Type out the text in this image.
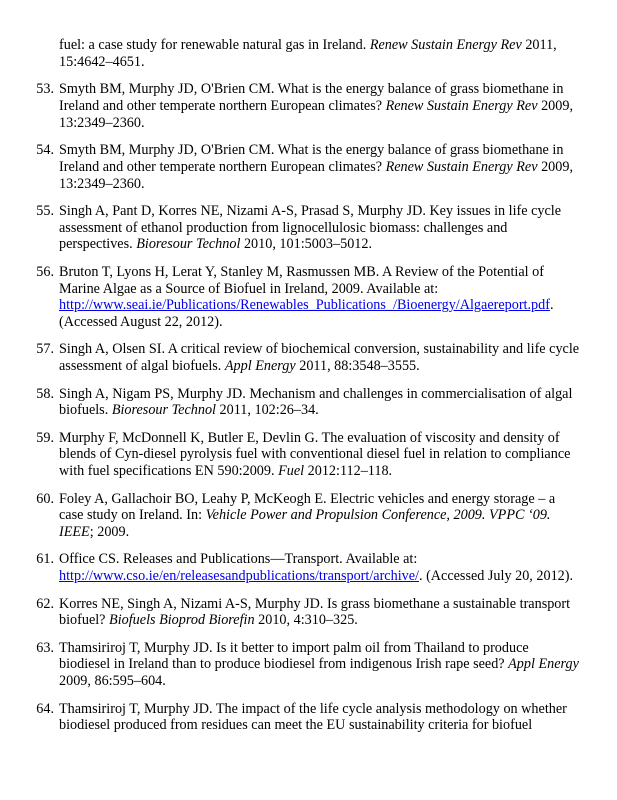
fuel: a case study for renewable natural gas in Ireland. Renew Sustain Energy Rev 2011, 15:4642–4651.
53. Smyth BM, Murphy JD, O'Brien CM. What is the energy balance of grass biomethane in Ireland and other temperate northern European climates? Renew Sustain Energy Rev 2009, 13:2349–2360.
54. Smyth BM, Murphy JD, O'Brien CM. What is the energy balance of grass biomethane in Ireland and other temperate northern European climates? Renew Sustain Energy Rev 2009, 13:2349–2360.
55. Singh A, Pant D, Korres NE, Nizami A-S, Prasad S, Murphy JD. Key issues in life cycle assessment of ethanol production from lignocellulosic biomass: challenges and perspectives. Bioresour Technol 2010, 101:5003–5012.
56. Bruton T, Lyons H, Lerat Y, Stanley M, Rasmussen MB. A Review of the Potential of Marine Algae as a Source of Biofuel in Ireland, 2009. Available at: http://www.seai.ie/Publications/Renewables_Publications_/Bioenergy/Algaereport.pdf. (Accessed August 22, 2012).
57. Singh A, Olsen SI. A critical review of biochemical conversion, sustainability and life cycle assessment of algal biofuels. Appl Energy 2011, 88:3548–3555.
58. Singh A, Nigam PS, Murphy JD. Mechanism and challenges in commercialisation of algal biofuels. Bioresour Technol 2011, 102:26–34.
59. Murphy F, McDonnell K, Butler E, Devlin G. The evaluation of viscosity and density of blends of Cyn-diesel pyrolysis fuel with conventional diesel fuel in relation to compliance with fuel specifications EN 590:2009. Fuel 2012:112–118.
60. Foley A, Gallachoir BO, Leahy P, McKeogh E. Electric vehicles and energy storage – a case study on Ireland. In: Vehicle Power and Propulsion Conference, 2009. VPPC ‘09. IEEE; 2009.
61. Office CS. Releases and Publications—Transport. Available at: http://www.cso.ie/en/releasesandpublications/transport/archive/. (Accessed July 20, 2012).
62. Korres NE, Singh A, Nizami A-S, Murphy JD. Is grass biomethane a sustainable transport biofuel? Biofuels Bioprod Biorefin 2010, 4:310–325.
63. Thamsiriroj T, Murphy JD. Is it better to import palm oil from Thailand to produce biodiesel in Ireland than to produce biodiesel from indigenous Irish rape seed? Appl Energy 2009, 86:595–604.
64. Thamsiriroj T, Murphy JD. The impact of the life cycle analysis methodology on whether biodiesel produced from residues can meet the EU sustainability criteria for biofuel
